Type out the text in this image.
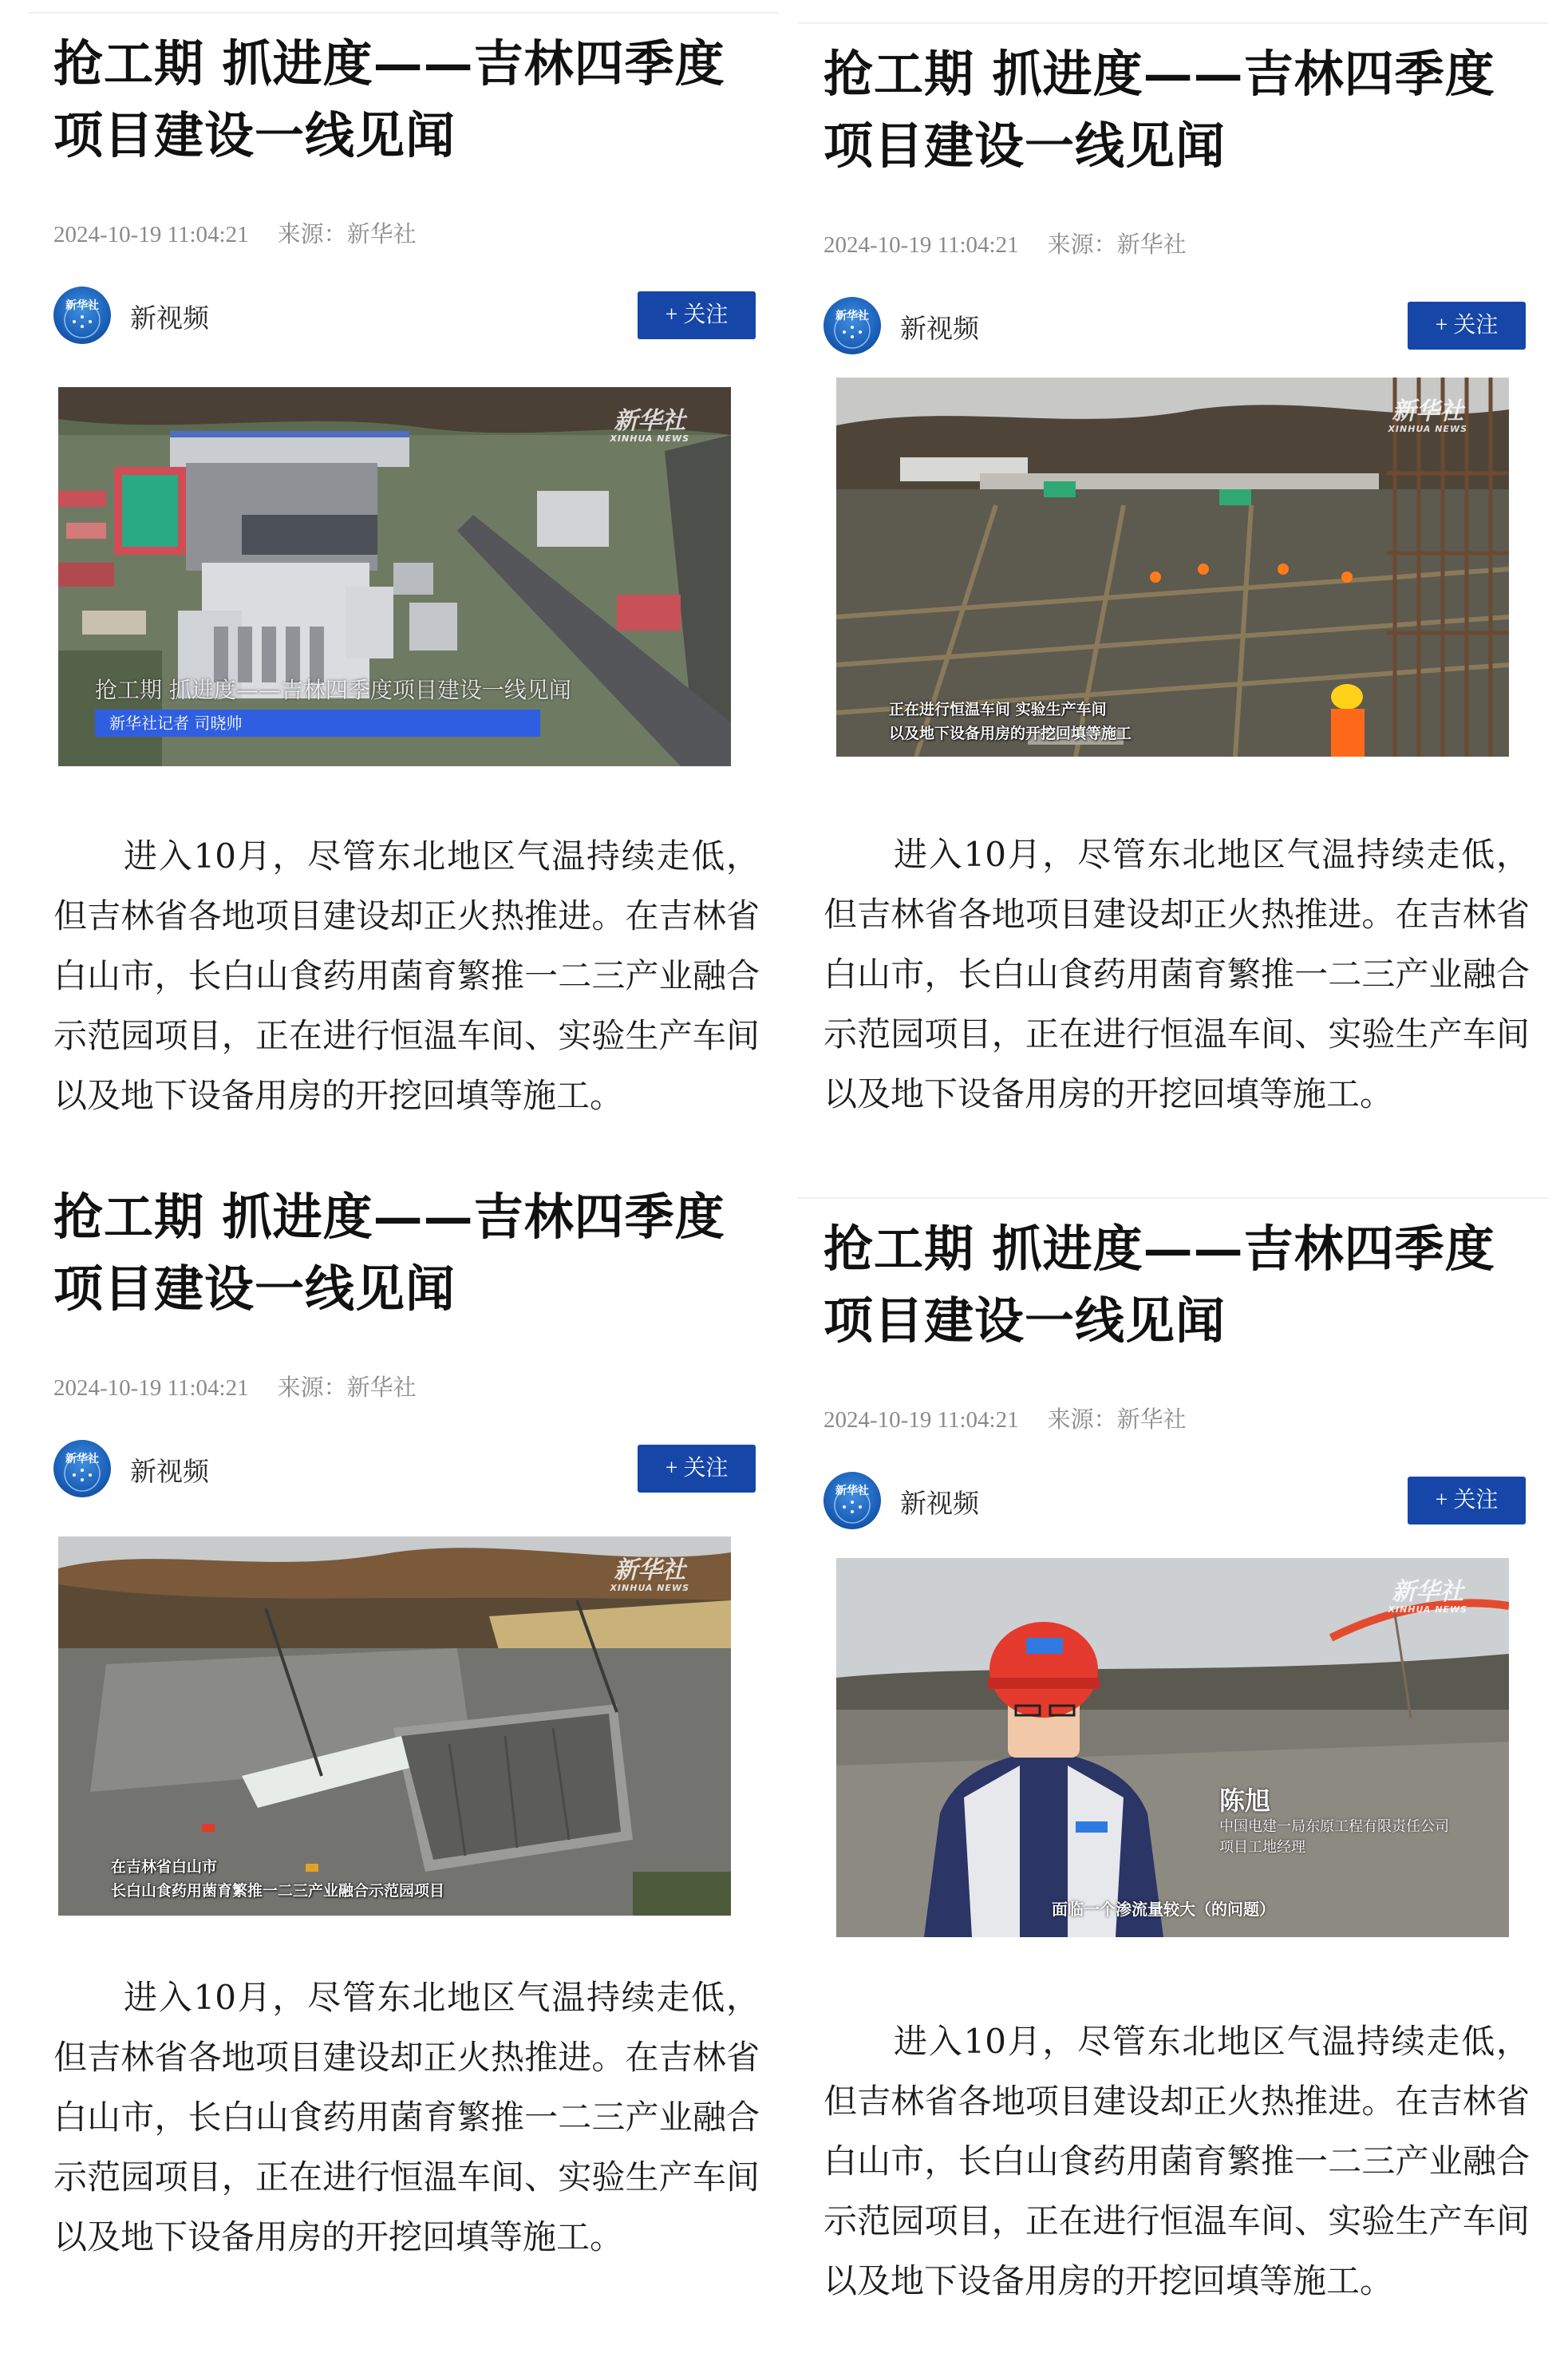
抢工期 抓进度——吉林四季度
项目建设一线见闻
2024-10-19 11:04:21 来源：新华社
新华社 新视频	+ 关注
新华社
XINHUA NEWS
抢工期 抓进度——吉林四季度项目建设一线见闻
新华社记者 司晓帅

进入10月，尽管东北地区气温持续走低，但吉林省各地项目建设却正火热推进。在吉林省白山市，长白山食药用菌育繁推一二三产业融合示范园项目，正在进行恒温车间、实验生产车间以及地下设备用房的开挖回填等施工。

抢工期 抓进度——吉林四季度
项目建设一线见闻
2024-10-19 11:04:21 来源：新华社
新华社 新视频	+ 关注
新华社
XINHUA NEWS
正在进行恒温车间 实验生产车间
以及地下设备用房的开挖回填等施工

进入10月，尽管东北地区气温持续走低，但吉林省各地项目建设却正火热推进。在吉林省白山市，长白山食药用菌育繁推一二三产业融合示范园项目，正在进行恒温车间、实验生产车间以及地下设备用房的开挖回填等施工。

抢工期 抓进度——吉林四季度
项目建设一线见闻
2024-10-19 11:04:21 来源：新华社
新华社 新视频	+ 关注
新华社
XINHUA NEWS
在吉林省白山市
长白山食药用菌育繁推一二三产业融合示范园项目

进入10月，尽管东北地区气温持续走低，但吉林省各地项目建设却正火热推进。在吉林省白山市，长白山食药用菌育繁推一二三产业融合示范园项目，正在进行恒温车间、实验生产车间以及地下设备用房的开挖回填等施工。

抢工期 抓进度——吉林四季度
项目建设一线见闻
2024-10-19 11:04:21 来源：新华社
新华社 新视频	+ 关注
新华社
XINHUA NEWS
陈旭
中国电建一局东原工程有限责任公司
项目工地经理
面临一个渗流量较大（的问题）

进入10月，尽管东北地区气温持续走低，但吉林省各地项目建设却正火热推进。在吉林省白山市，长白山食药用菌育繁推一二三产业融合示范园项目，正在进行恒温车间、实验生产车间以及地下设备用房的开挖回填等施工。
